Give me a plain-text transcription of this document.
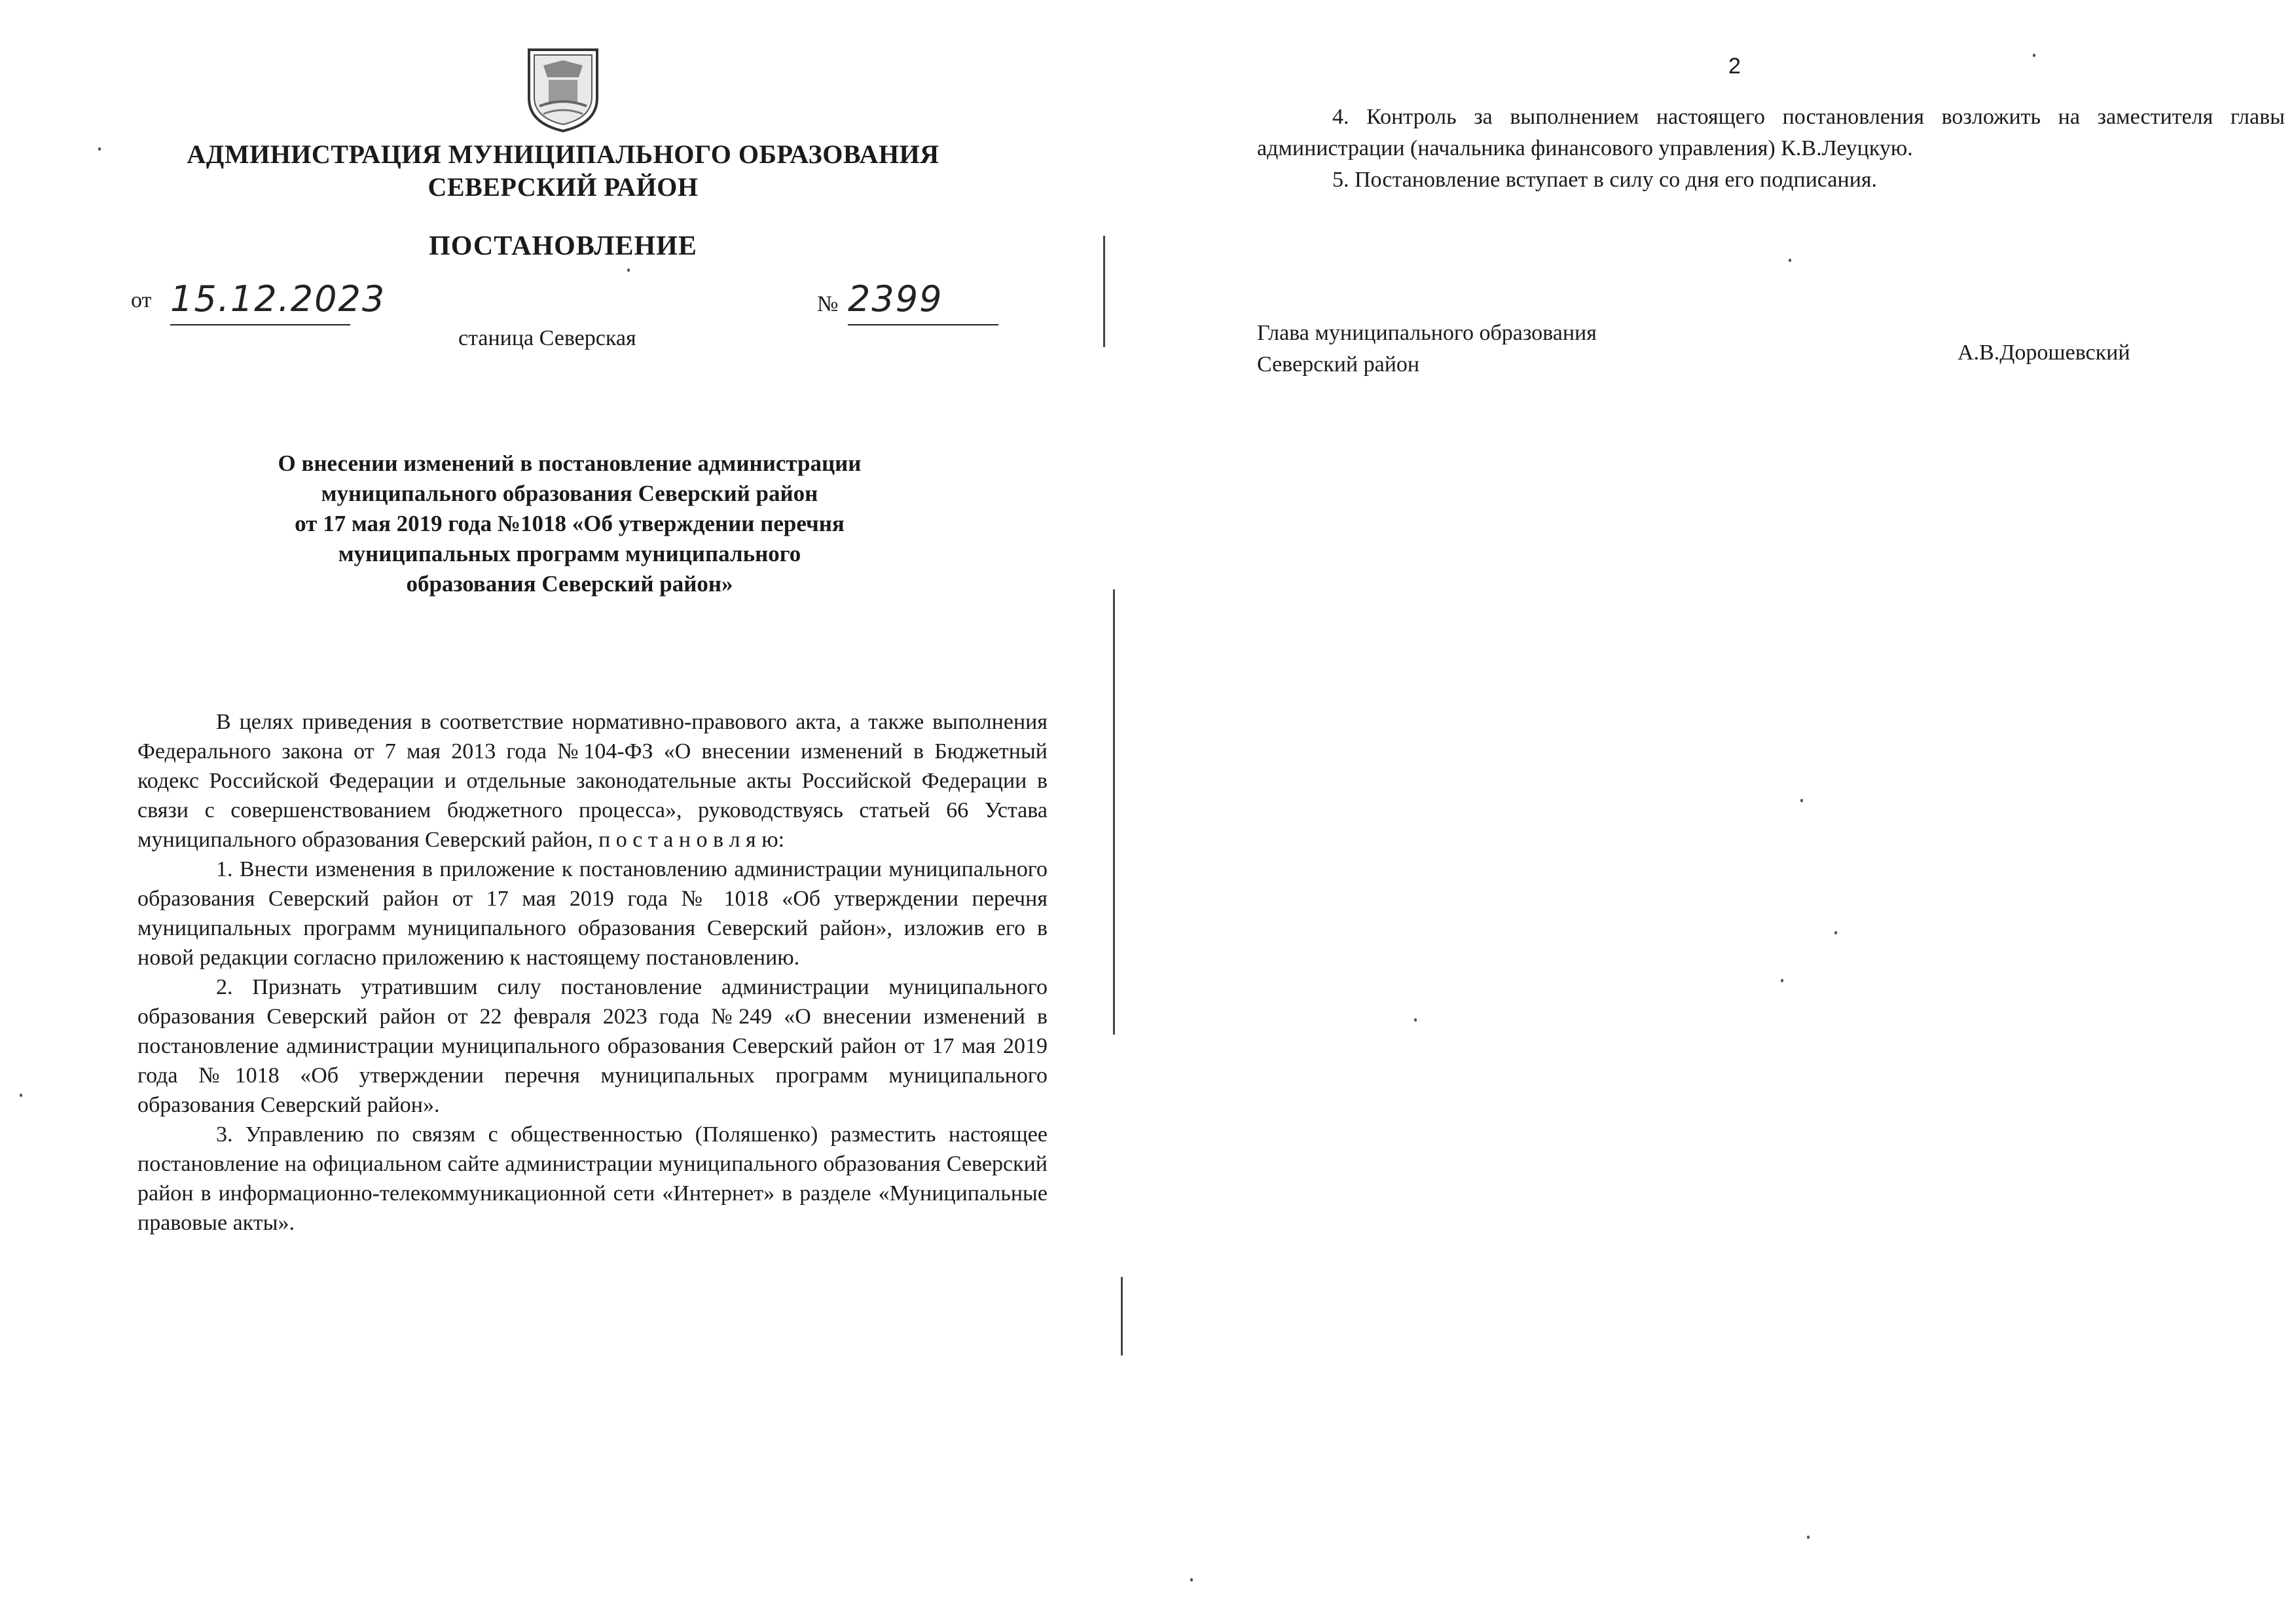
АДМИНИСТРАЦИЯ МУНИЦИПАЛЬНОГО ОБРАЗОВАНИЯ
СЕВЕРСКИЙ РАЙОН
ПОСТАНОВЛЕНИЕ
от 15.12.2023	№ 2399
станица Северская
О внесении изменений в постановление администрации
муниципального образования Северский район
от 17 мая 2019 года №1018 «Об утверждении перечня
муниципальных программ муниципального
образования Северский район»

В целях приведения в соответствие нормативно-правового акта, а также выполнения Федерального закона от 7 мая 2013 года №104-ФЗ «О внесении изменений в Бюджетный кодекс Российской Федерации и отдельные законодательные акты Российской Федерации в связи с совершенствованием бюджетного процесса», руководствуясь статьей 66 Устава муниципального образования Северский район, п о с т а н о в л я ю:

1. Внести изменения в приложение к постановлению администрации муниципального образования Северский район от 17 мая 2019 года № 1018 «Об утверждении перечня муниципальных программ муниципального образования Северский район», изложив его в новой редакции согласно приложению к настоящему постановлению.

2. Признать утратившим силу постановление администрации муниципального образования Северский район от 22 февраля 2023 года №249 «О внесении изменений в постановление администрации муниципального образования Северский район от 17 мая 2019 года №1018 «Об утверждении перечня муниципальных программ муниципального образования Северский район».

3. Управлению по связям с общественностью (Поляшенко) разместить настоящее постановление на официальном сайте администрации муниципального образования Северский район в информационно-телекоммуникационной сети «Интернет» в разделе «Муниципальные правовые акты».

2

4. Контроль за выполнением настоящего постановления возложить на заместителя главы администрации (начальника финансового управления) К.В.Леуцкую.

5. Постановление вступает в силу со дня его подписания.

Глава муниципального образования
Северский район	А.В.Дорошевский
